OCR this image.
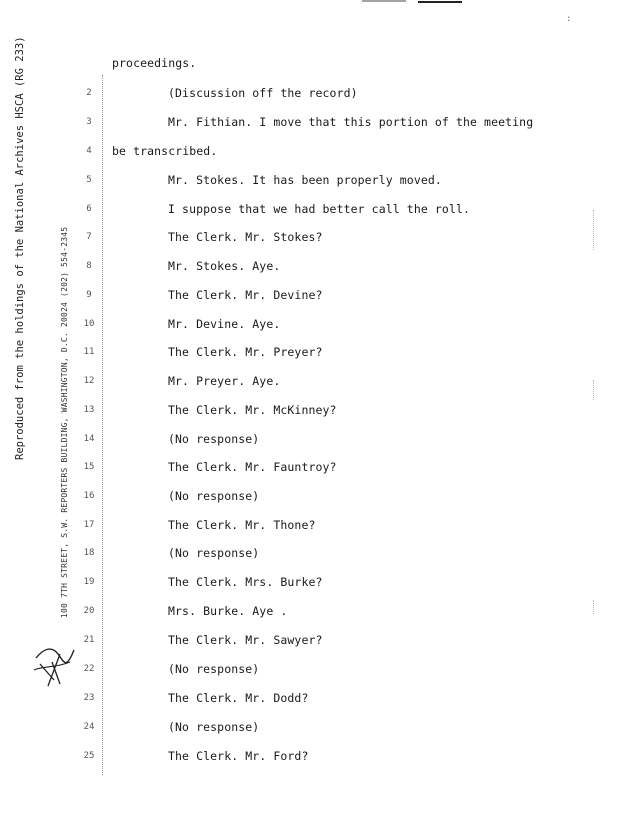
:
Reproduced from the holdings of the National Archives HSCA (RG 233)	100 7TH STREET, S.W. REPORTERS BUILDING, WASHINGTON, D.C. 20024 (202) 554-2345
proceedings.
2	(Discussion off the record)
3	Mr. Fithian. I move that this portion of the meeting
4	be transcribed.
5	Mr. Stokes. It has been properly moved.
6	I suppose that we had better call the roll.
7	The Clerk. Mr. Stokes?
8	Mr. Stokes. Aye.
9	The Clerk. Mr. Devine?
10	Mr. Devine. Aye.
11	The Clerk. Mr. Preyer?
12	Mr. Preyer. Aye.
13	The Clerk. Mr. McKinney?
14	(No response)
15	The Clerk. Mr. Fauntroy?
16	(No response)
17	The Clerk. Mr. Thone?
18	(No response)
19	The Clerk. Mrs. Burke?
20	Mrs. Burke. Aye .
21	The Clerk. Mr. Sawyer?
22	(No response)
23	The Clerk. Mr. Dodd?
24	(No response)
25	The Clerk. Mr. Ford?
